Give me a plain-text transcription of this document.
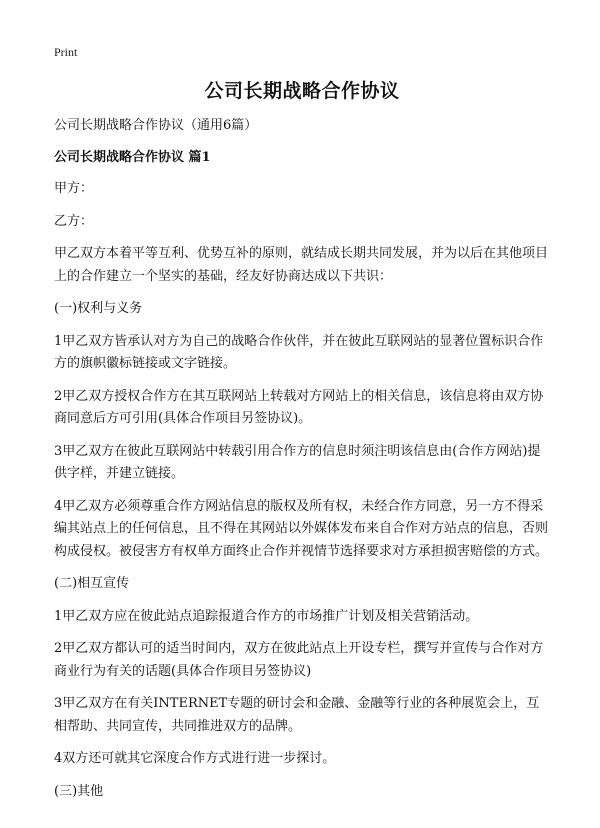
Print
公司长期战略合作协议
公司长期战略合作协议（通用6篇）
公司长期战略合作协议 篇1

甲方：

乙方：

甲乙双方本着平等互利、优势互补的原则，就结成长期共同发展，并为以后在其他项目上的合作建立一个坚实的基础，经友好协商达成以下共识：

(一)权利与义务

1甲乙双方皆承认对方为自己的战略合作伙伴，并在彼此互联网站的显著位置标识合作方的旗帜徽标链接或文字链接。

2甲乙双方授权合作方在其互联网站上转载对方网站上的相关信息，该信息将由双方协商同意后方可引用(具体合作项目另签协议)。

3甲乙双方在彼此互联网站中转载引用合作方的信息时须注明该信息由(合作方网站)提供字样，并建立链接。

4甲乙双方必须尊重合作方网站信息的版权及所有权，未经合作方同意，另一方不得采编其站点上的任何信息，且不得在其网站以外媒体发布来自合作对方站点的信息，否则构成侵权。被侵害方有权单方面终止合作并视情节选择要求对方承担损害赔偿的方式。

(二)相互宣传

1甲乙双方应在彼此站点追踪报道合作方的市场推广计划及相关营销活动。

2甲乙双方都认可的适当时间内，双方在彼此站点上开设专栏，撰写并宣传与合作对方商业行为有关的话题(具体合作项目另签协议)

3甲乙双方在有关INTERNET专题的研讨会和金融、金融等行业的各种展览会上，互相帮助、共同宣传，共同推进双方的品牌。

4双方还可就其它深度合作方式进行进一步探讨。

(三)其他
